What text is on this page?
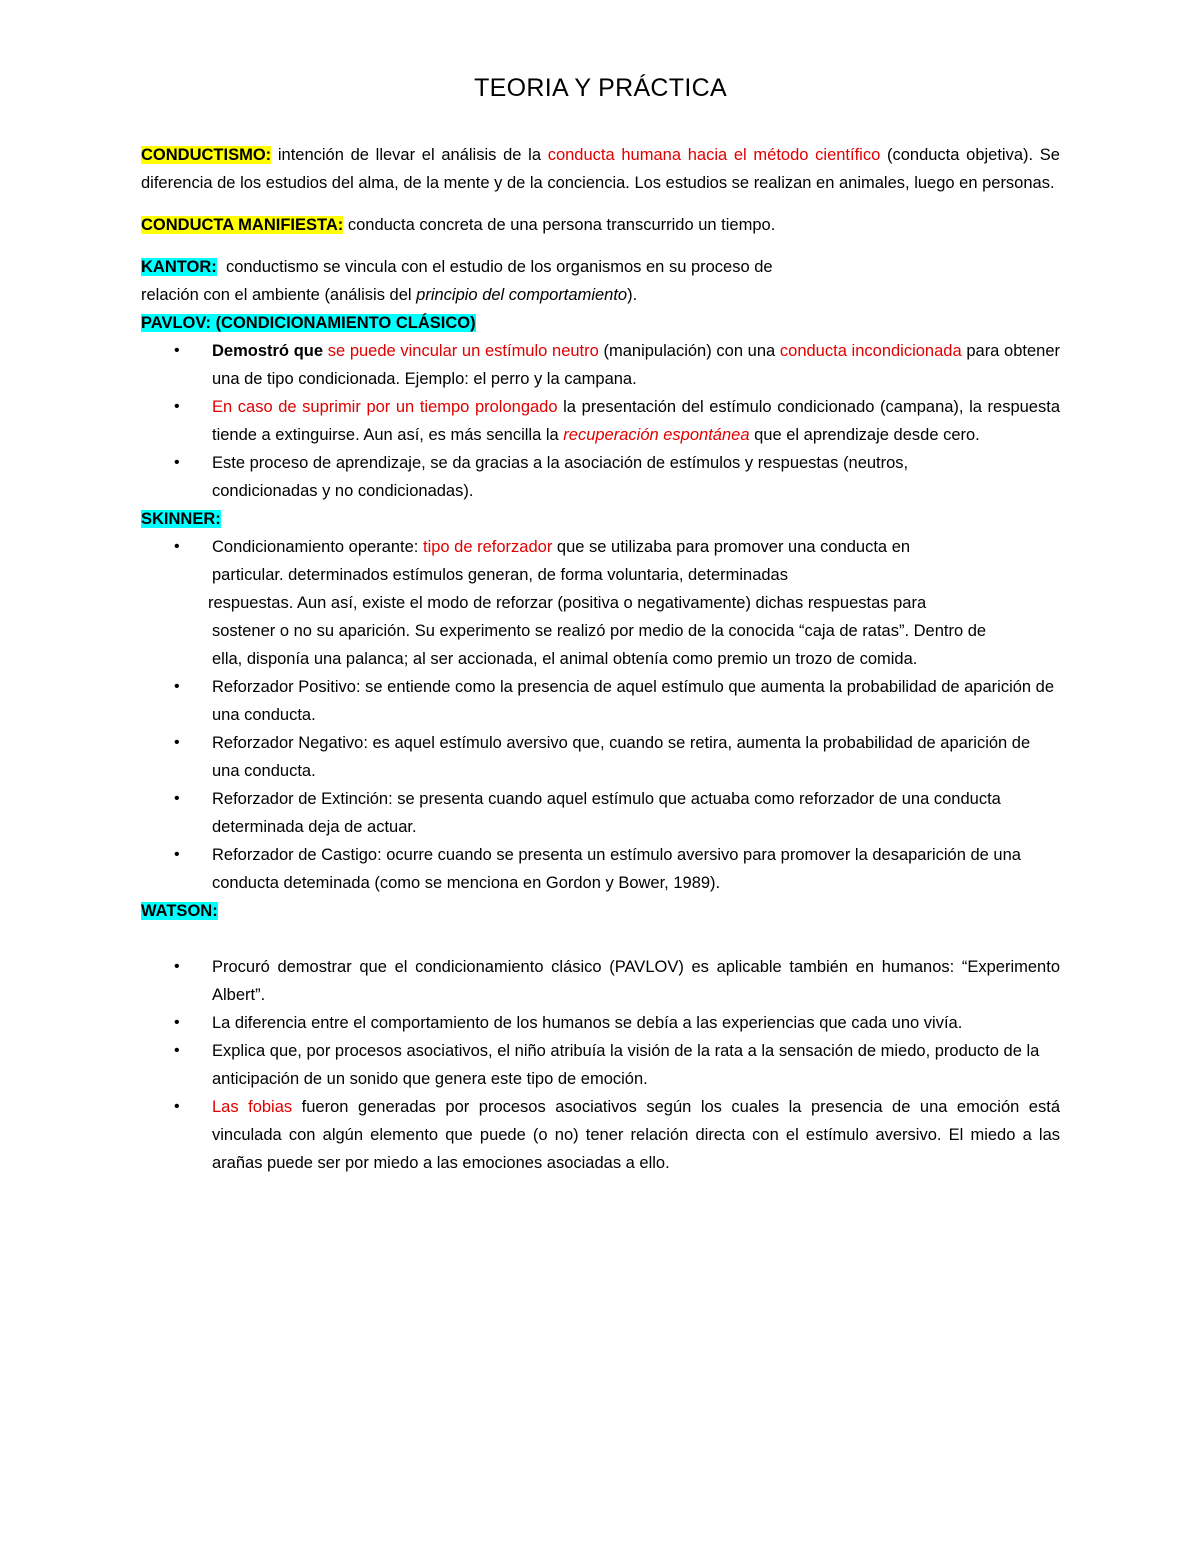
TEORIA Y PRÁCTICA

CONDUCTISMO: intención de llevar el análisis de la conducta humana hacia el método científico (conducta objetiva). Se diferencia de los estudios del alma, de la mente y de la conciencia. Los estudios se realizan en animales, luego en personas.

CONDUCTA MANIFIESTA: conducta concreta de una persona transcurrido un tiempo.

KANTOR:  conductismo se vincula con el estudio de los organismos en su proceso de
relación con el ambiente (análisis del principio del comportamiento).

PAVLOV: (CONDICIONAMIENTO CLÁSICO)

• Demostró que se puede vincular un estímulo neutro (manipulación) con una conducta incondicionada para obtener una de tipo condicionada. Ejemplo: el perro y la campana.
• En caso de suprimir por un tiempo prolongado la presentación del estímulo condicionado (campana), la respuesta tiende a extinguirse. Aun así, es más sencilla la recuperación espontánea que el aprendizaje desde cero.
• Este proceso de aprendizaje, se da gracias a la asociación de estímulos y respuestas (neutros,
condicionadas y no condicionadas).

SKINNER:

• Condicionamiento operante: tipo de reforzador que se utilizaba para promover una conducta en
particular. determinados estímulos generan, de forma voluntaria, determinadas
respuestas. Aun así, existe el modo de reforzar (positiva o negativamente) dichas respuestas para
sostener o no su aparición. Su experimento se realizó por medio de la conocida “caja de ratas”. Dentro de
ella, disponía una palanca; al ser accionada, el animal obtenía como premio un trozo de comida.
• Reforzador Positivo: se entiende como la presencia de aquel estímulo que aumenta la probabilidad de aparición de una conducta.
• Reforzador Negativo: es aquel estímulo aversivo que, cuando se retira, aumenta la probabilidad de aparición de una conducta.
• Reforzador de Extinción: se presenta cuando aquel estímulo que actuaba como reforzador de una conducta determinada deja de actuar.
• Reforzador de Castigo: ocurre cuando se presenta un estímulo aversivo para promover la desaparición de una conducta deteminada (como se menciona en Gordon y Bower, 1989).

WATSON:

• Procuró demostrar que el condicionamiento clásico (PAVLOV) es aplicable también en humanos: “Experimento Albert”.
• La diferencia entre el comportamiento de los humanos se debía a las experiencias que cada uno vivía.
• Explica que, por procesos asociativos, el niño atribuía la visión de la rata a la sensación de miedo, producto de la anticipación de un sonido que genera este tipo de emoción.
• Las fobias fueron generadas por procesos asociativos según los cuales la presencia de una emoción está vinculada con algún elemento que puede (o no) tener relación directa con el estímulo aversivo. El miedo a las arañas puede ser por miedo a las emociones asociadas a ello.
